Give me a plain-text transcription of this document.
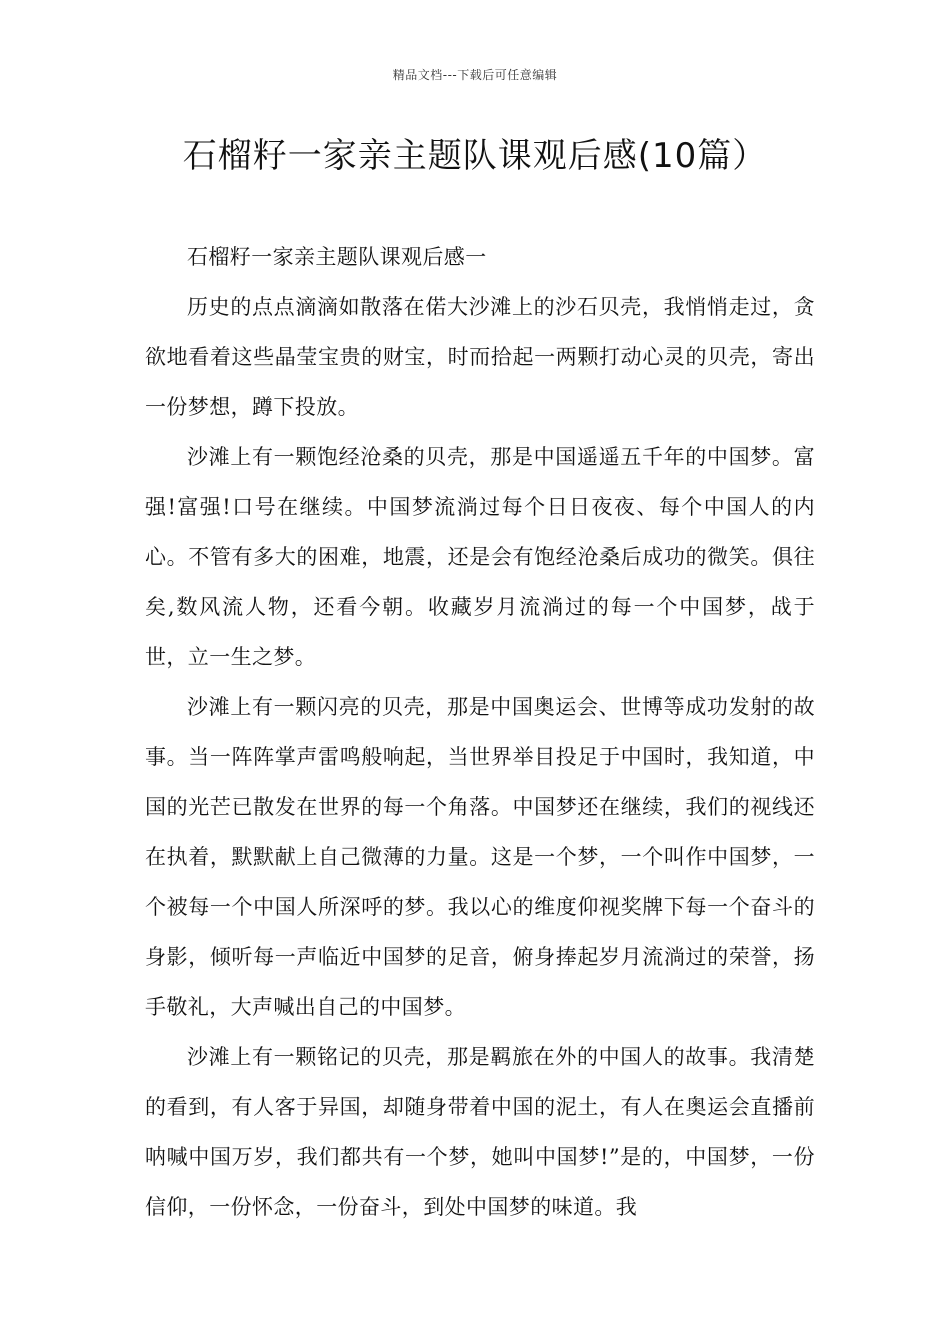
精品文档---下载后可任意编辑
石榴籽一家亲主题队课观后感(10篇）

石榴籽一家亲主题队课观后感一

历史的点点滴滴如散落在偌大沙滩上的沙石贝壳，我悄悄走过，贪欲地看着这些晶莹宝贵的财宝，时而拾起一两颗打动心灵的贝壳，寄出一份梦想，蹲下投放。

沙滩上有一颗饱经沧桑的贝壳，那是中国遥遥五千年的中国梦。富强!富强!口号在继续。中国梦流淌过每个日日夜夜、每个中国人的内心。不管有多大的困难，地震，还是会有饱经沧桑后成功的微笑。俱往矣,数风流人物，还看今朝。收藏岁月流淌过的每一个中国梦，战于世，立一生之梦。

沙滩上有一颗闪亮的贝壳，那是中国奥运会、世博等成功发射的故事。当一阵阵掌声雷鸣般响起，当世界举目投足于中国时，我知道，中国的光芒已散发在世界的每一个角落。中国梦还在继续，我们的视线还在执着，默默献上自己微薄的力量。这是一个梦，一个叫作中国梦，一个被每一个中国人所深呼的梦。我以心的维度仰视奖牌下每一个奋斗的身影，倾听每一声临近中国梦的足音，俯身捧起岁月流淌过的荣誉，扬手敬礼，大声喊出自己的中国梦。

沙滩上有一颗铭记的贝壳，那是羁旅在外的中国人的故事。我清楚的看到，有人客于异国，却随身带着中国的泥土，有人在奥运会直播前呐喊中国万岁，我们都共有一个梦，她叫中国梦!”是的，中国梦，一份信仰，一份怀念，一份奋斗，到处中国梦的味道。我
